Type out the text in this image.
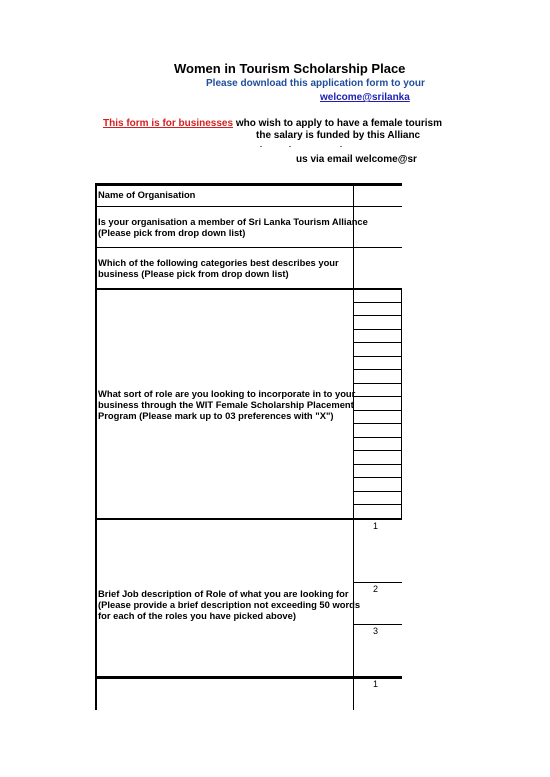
Women in Tourism Scholarship Place
Please download this application form to your
welcome@srilanka
This form is for businesses who wish to apply to have a female tourism
the salary is funded by this Allianc
us via email welcome@sr
Name of Organisation
Is your organisation a member of Sri Lanka Tourism Alliance
(Please pick from drop down list)
Which of the following categories best describes your
business (Please pick from drop down list)
What sort of role are you looking to incorporate in to your
business through the WIT Female Scholarship Placement
Program (Please mark up to 03 preferences with "X")
Brief Job description of Role of what you are looking for
(Please provide a brief description not exceeding 50 words
for each of the roles you have picked above)
1
2
3
1
